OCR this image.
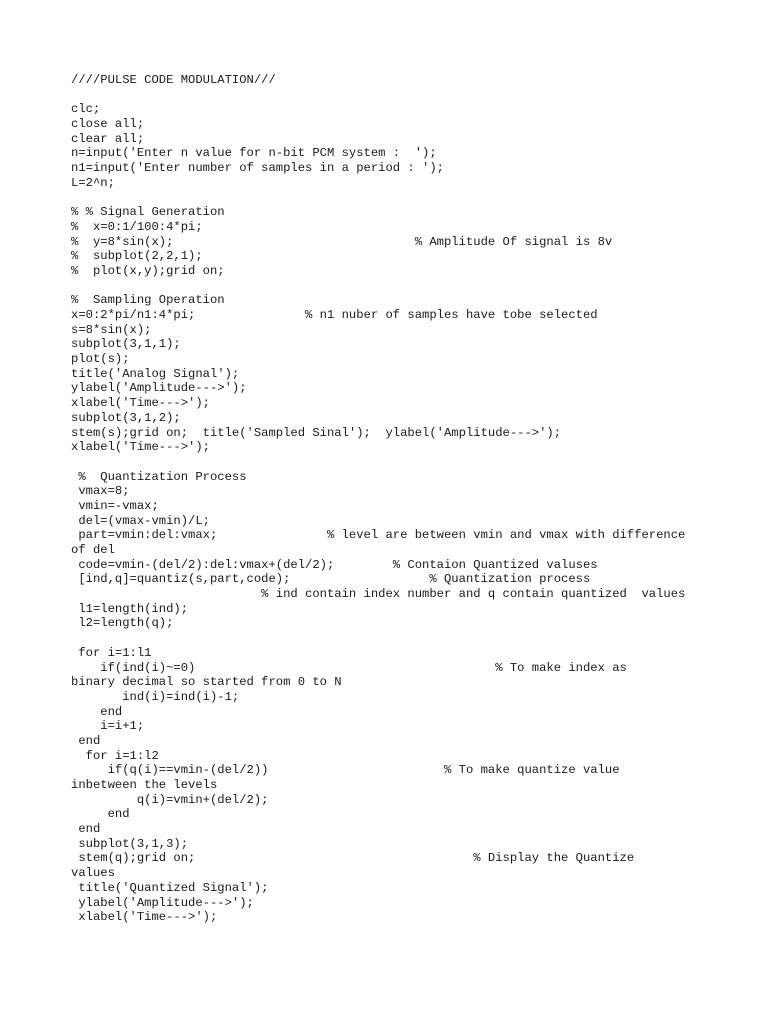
////PULSE CODE MODULATION///
clc;
close all;
clear all;
n=input('Enter n value for n-bit PCM system :  ');
n1=input('Enter number of samples in a period : ');
L=2^n;
% % Signal Generation
%  x=0:1/100:4*pi;
%  y=8*sin(x);                                 % Amplitude Of signal is 8v
%  subplot(2,2,1);
%  plot(x,y);grid on;
%  Sampling Operation
x=0:2*pi/n1:4*pi;               % n1 nuber of samples have tobe selected
s=8*sin(x);
subplot(3,1,1);
plot(s);
title('Analog Signal');
ylabel('Amplitude--->');
xlabel('Time--->');
subplot(3,1,2);
stem(s);grid on;  title('Sampled Sinal');  ylabel('Amplitude--->');
xlabel('Time--->');
%  Quantization Process
vmax=8;
vmin=-vmax;
del=(vmax-vmin)/L;
part=vmin:del:vmax;               % level are between vmin and vmax with difference
of del
code=vmin-(del/2):del:vmax+(del/2);        % Contaion Quantized valuses
[ind,q]=quantiz(s,part,code);                   % Quantization process
% ind contain index number and q contain quantized  values
l1=length(ind);
l2=length(q);
for i=1:l1
if(ind(i)~=0)                                         % To make index as
binary decimal so started from 0 to N
ind(i)=ind(i)-1;
end
i=i+1;
end
for i=1:l2
if(q(i)==vmin-(del/2))                        % To make quantize value
inbetween the levels
q(i)=vmin+(del/2);
end
end
subplot(3,1,3);
stem(q);grid on;                                      % Display the Quantize
values
title('Quantized Signal');
ylabel('Amplitude--->');
xlabel('Time--->');
